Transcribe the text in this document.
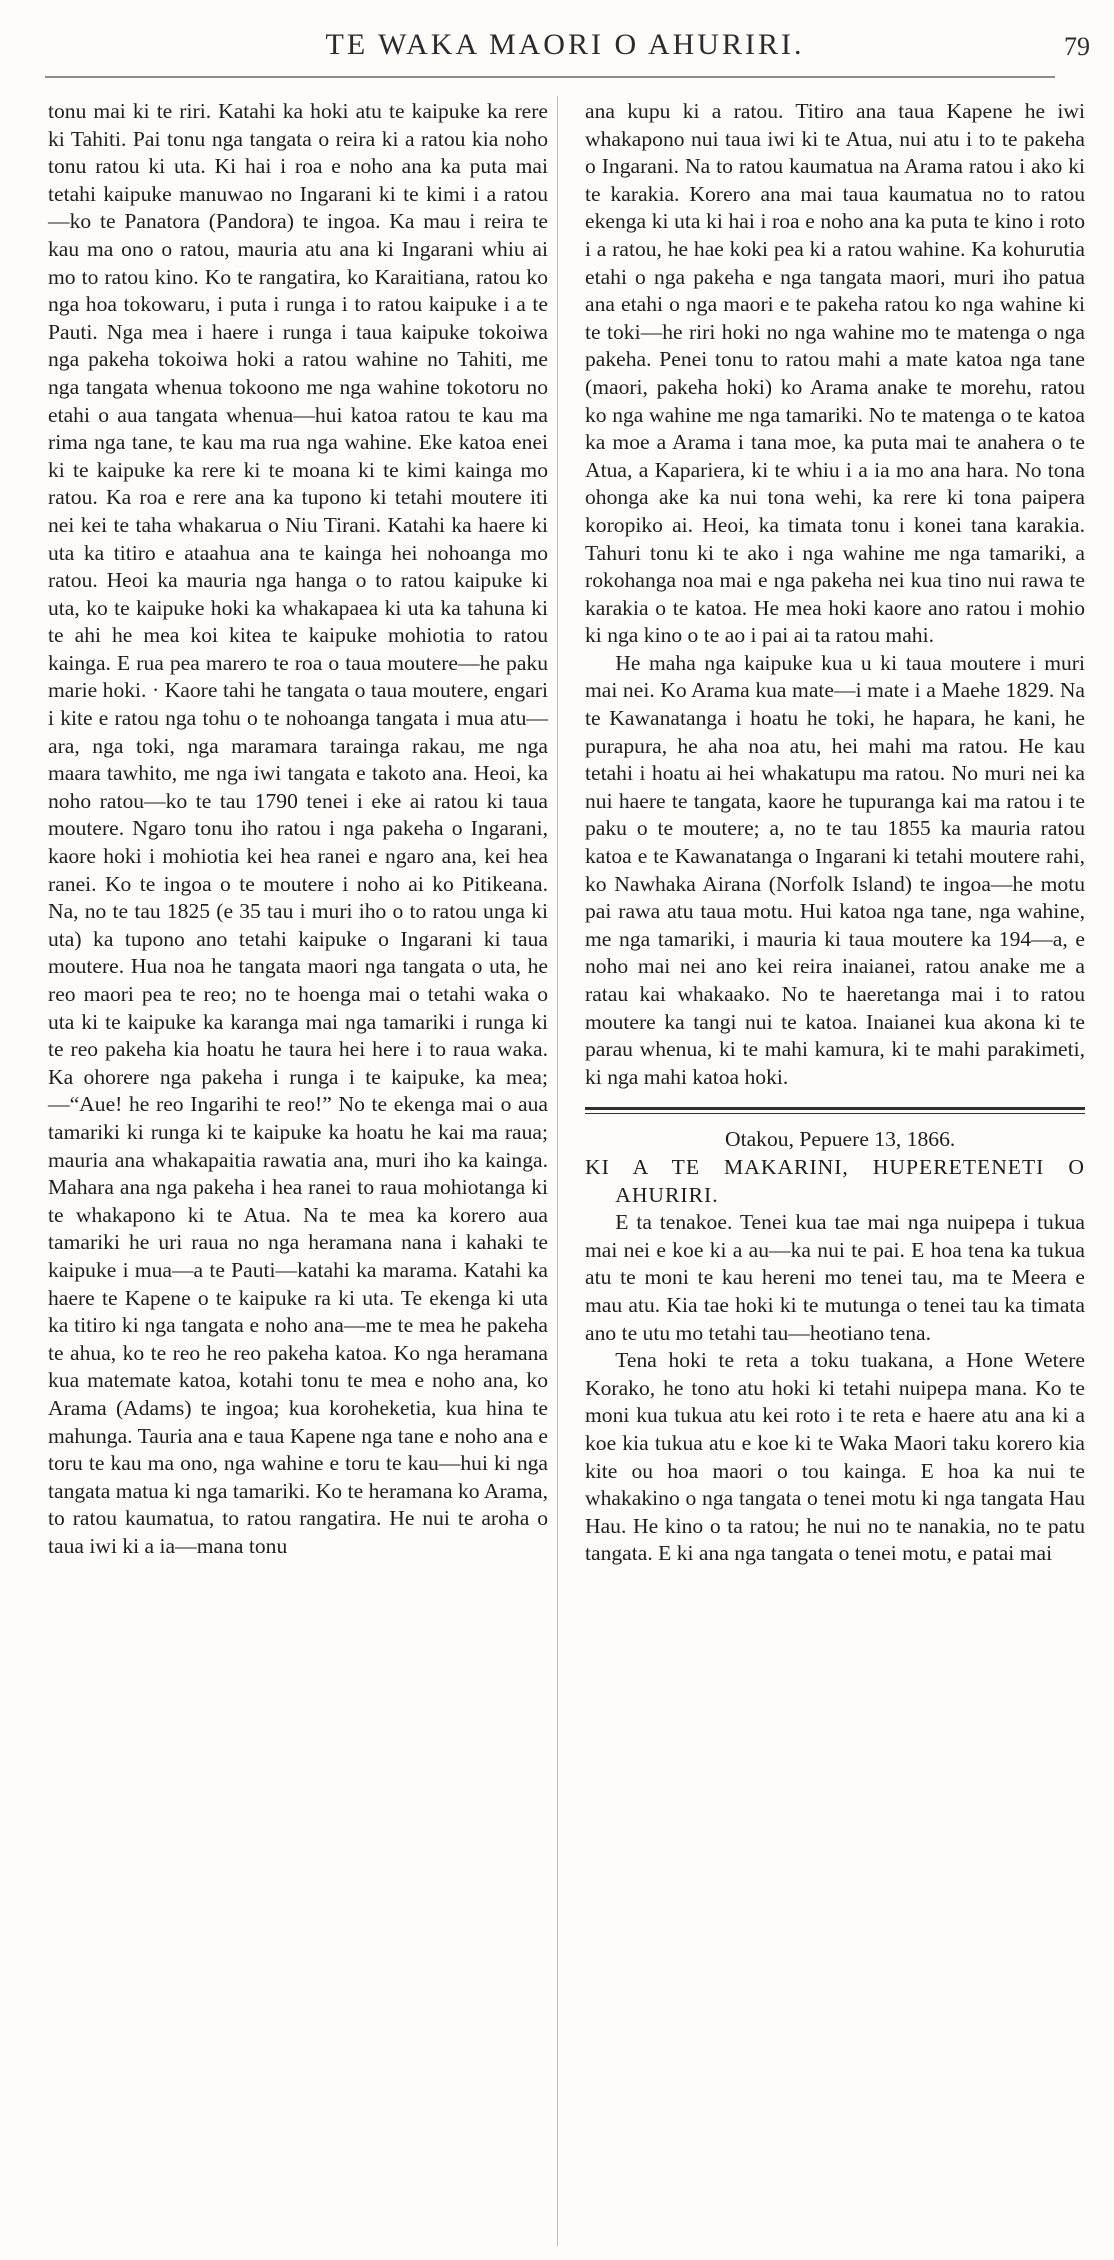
TE WAKA MAORI O AHURIRI.	79

tonu mai ki te riri. Katahi ka hoki atu te kaipuke ka rere ki Tahiti. Pai tonu nga tangata o reira ki a ratou kia noho tonu ratou ki uta. Ki hai i roa e noho ana ka puta mai tetahi kaipuke manuwao no Ingarani ki te kimi i a ratou—ko te Panatora (Pandora) te ingoa. Ka mau i reira te kau ma ono o ratou, mauria atu ana ki Ingarani whiu ai mo to ratou kino. Ko te rangatira, ko Karaitiana, ratou ko nga hoa tokowaru, i puta i runga i to ratou kaipuke i a te Pauti. Nga mea i haere i runga i taua kaipuke tokoiwa nga pakeha tokoiwa hoki a ratou wahine no Tahiti, me nga tangata whenua tokoono me nga wahine tokotoru no etahi o aua tangata whenua—hui katoa ratou te kau ma rima nga tane, te kau ma rua nga wahine. Eke katoa enei ki te kaipuke ka rere ki te moana ki te kimi kainga mo ratou. Ka roa e rere ana ka tupono ki tetahi moutere iti nei kei te taha whakarua o Niu Tirani. Katahi ka haere ki uta ka titiro e ataahua ana te kainga hei nohoanga mo ratou. Heoi ka mauria nga hanga o to ratou kaipuke ki uta, ko te kaipuke hoki ka whakapaea ki uta ka tahuna ki te ahi he mea koi kitea te kaipuke mohiotia to ratou kainga. E rua pea marero te roa o taua moutere—he paku marie hoki. · Kaore tahi he tangata o taua moutere, engari i kite e ratou nga tohu o te nohoanga tangata i mua atu—ara, nga toki, nga maramara tarainga rakau, me nga maara tawhito, me nga iwi tangata e takoto ana. Heoi, ka noho ratou—ko te tau 1790 tenei i eke ai ratou ki taua moutere. Ngaro tonu iho ratou i nga pakeha o Ingarani, kaore hoki i mohiotia kei hea ranei e ngaro ana, kei hea ranei. Ko te ingoa o te moutere i noho ai ko Pitikeana. Na, no te tau 1825 (e 35 tau i muri iho o to ratou unga ki uta) ka tupono ano tetahi kaipuke o Ingarani ki taua moutere. Hua noa he tangata maori nga tangata o uta, he reo maori pea te reo; no te hoenga mai o tetahi waka o uta ki te kaipuke ka karanga mai nga tamariki i runga ki te reo pakeha kia hoatu he taura hei here i to raua waka. Ka ohorere nga pakeha i runga i te kaipuke, ka mea;—“Aue! he reo Ingarihi te reo!” No te ekenga mai o aua tamariki ki runga ki te kaipuke ka hoatu he kai ma raua; mauria ana whakapaitia rawatia ana, muri iho ka kainga. Mahara ana nga pakeha i hea ranei to raua mohiotanga ki te whakapono ki te Atua. Na te mea ka korero aua tamariki he uri raua no nga heramana nana i kahaki te kaipuke i mua—a te Pauti—katahi ka marama. Katahi ka haere te Kapene o te kaipuke ra ki uta. Te ekenga ki uta ka titiro ki nga tangata e noho ana—me te mea he pakeha te ahua, ko te reo he reo pakeha katoa. Ko nga heramana kua matemate katoa, kotahi tonu te mea e noho ana, ko Arama (Adams) te ingoa; kua koroheketia, kua hina te mahunga. Tauria ana e taua Kapene nga tane e noho ana e toru te kau ma ono, nga wahine e toru te kau—hui ki nga tangata matua ki nga tamariki. Ko te heramana ko Arama, to ratou kaumatua, to ratou rangatira. He nui te aroha o taua iwi ki a ia—mana tonu

ana kupu ki a ratou. Titiro ana taua Kapene he iwi whakapono nui taua iwi ki te Atua, nui atu i to te pakeha o Ingarani. Na to ratou kaumatua na Arama ratou i ako ki te karakia. Korero ana mai taua kaumatua no to ratou ekenga ki uta ki hai i roa e noho ana ka puta te kino i roto i a ratou, he hae koki pea ki a ratou wahine. Ka kohurutia etahi o nga pakeha e nga tangata maori, muri iho patua ana etahi o nga maori e te pakeha ratou ko nga wahine ki te toki—he riri hoki no nga wahine mo te matenga o nga pakeha. Penei tonu to ratou mahi a mate katoa nga tane (maori, pakeha hoki) ko Arama anake te morehu, ratou ko nga wahine me nga tamariki. No te matenga o te katoa ka moe a Arama i tana moe, ka puta mai te anahera o te Atua, a Kapariera, ki te whiu i a ia mo ana hara. No tona ohonga ake ka nui tona wehi, ka rere ki tona paipera koropiko ai. Heoi, ka timata tonu i konei tana karakia. Tahuri tonu ki te ako i nga wahine me nga tamariki, a rokohanga noa mai e nga pakeha nei kua tino nui rawa te karakia o te katoa. He mea hoki kaore ano ratou i mohio ki nga kino o te ao i pai ai ta ratou mahi.

He maha nga kaipuke kua u ki taua moutere i muri mai nei. Ko Arama kua mate—i mate i a Maehe 1829. Na te Kawanatanga i hoatu he toki, he hapara, he kani, he purapura, he aha noa atu, hei mahi ma ratou. He kau tetahi i hoatu ai hei whakatupu ma ratou. No muri nei ka nui haere te tangata, kaore he tupuranga kai ma ratou i te paku o te moutere; a, no te tau 1855 ka mauria ratou katoa e te Kawanatanga o Ingarani ki tetahi moutere rahi, ko Nawhaka Airana (Norfolk Island) te ingoa—he motu pai rawa atu taua motu. Hui katoa nga tane, nga wahine, me nga tamariki, i mauria ki taua moutere ka 194—a, e noho mai nei ano kei reira inaianei, ratou anake me a ratau kai whakaako. No te haeretanga mai i to ratou moutere ka tangi nui te katoa. Inaianei kua akona ki te parau whenua, ki te mahi kamura, ki te mahi parakimeti, ki nga mahi katoa hoki.

Otakou, Pepuere 13, 1866.

KI A TE MAKARINI, HUPERETENETI O AHURIRI.

E ta tenakoe. Tenei kua tae mai nga nuipepa i tukua mai nei e koe ki a au—ka nui te pai. E hoa tena ka tukua atu te moni te kau hereni mo tenei tau, ma te Meera e mau atu. Kia tae hoki ki te mutunga o tenei tau ka timata ano te utu mo tetahi tau—heotiano tena.

Tena hoki te reta a toku tuakana, a Hone Wetere Korako, he tono atu hoki ki tetahi nuipepa mana. Ko te moni kua tukua atu kei roto i te reta e haere atu ana ki a koe kia tukua atu e koe ki te Waka Maori taku korero kia kite ou hoa maori o tou kainga. E hoa ka nui te whakakino o nga tangata o tenei motu ki nga tangata Hau Hau. He kino o ta ratou; he nui no te nanakia, no te patu tangata. E ki ana nga tangata o tenei motu, e patai mai
